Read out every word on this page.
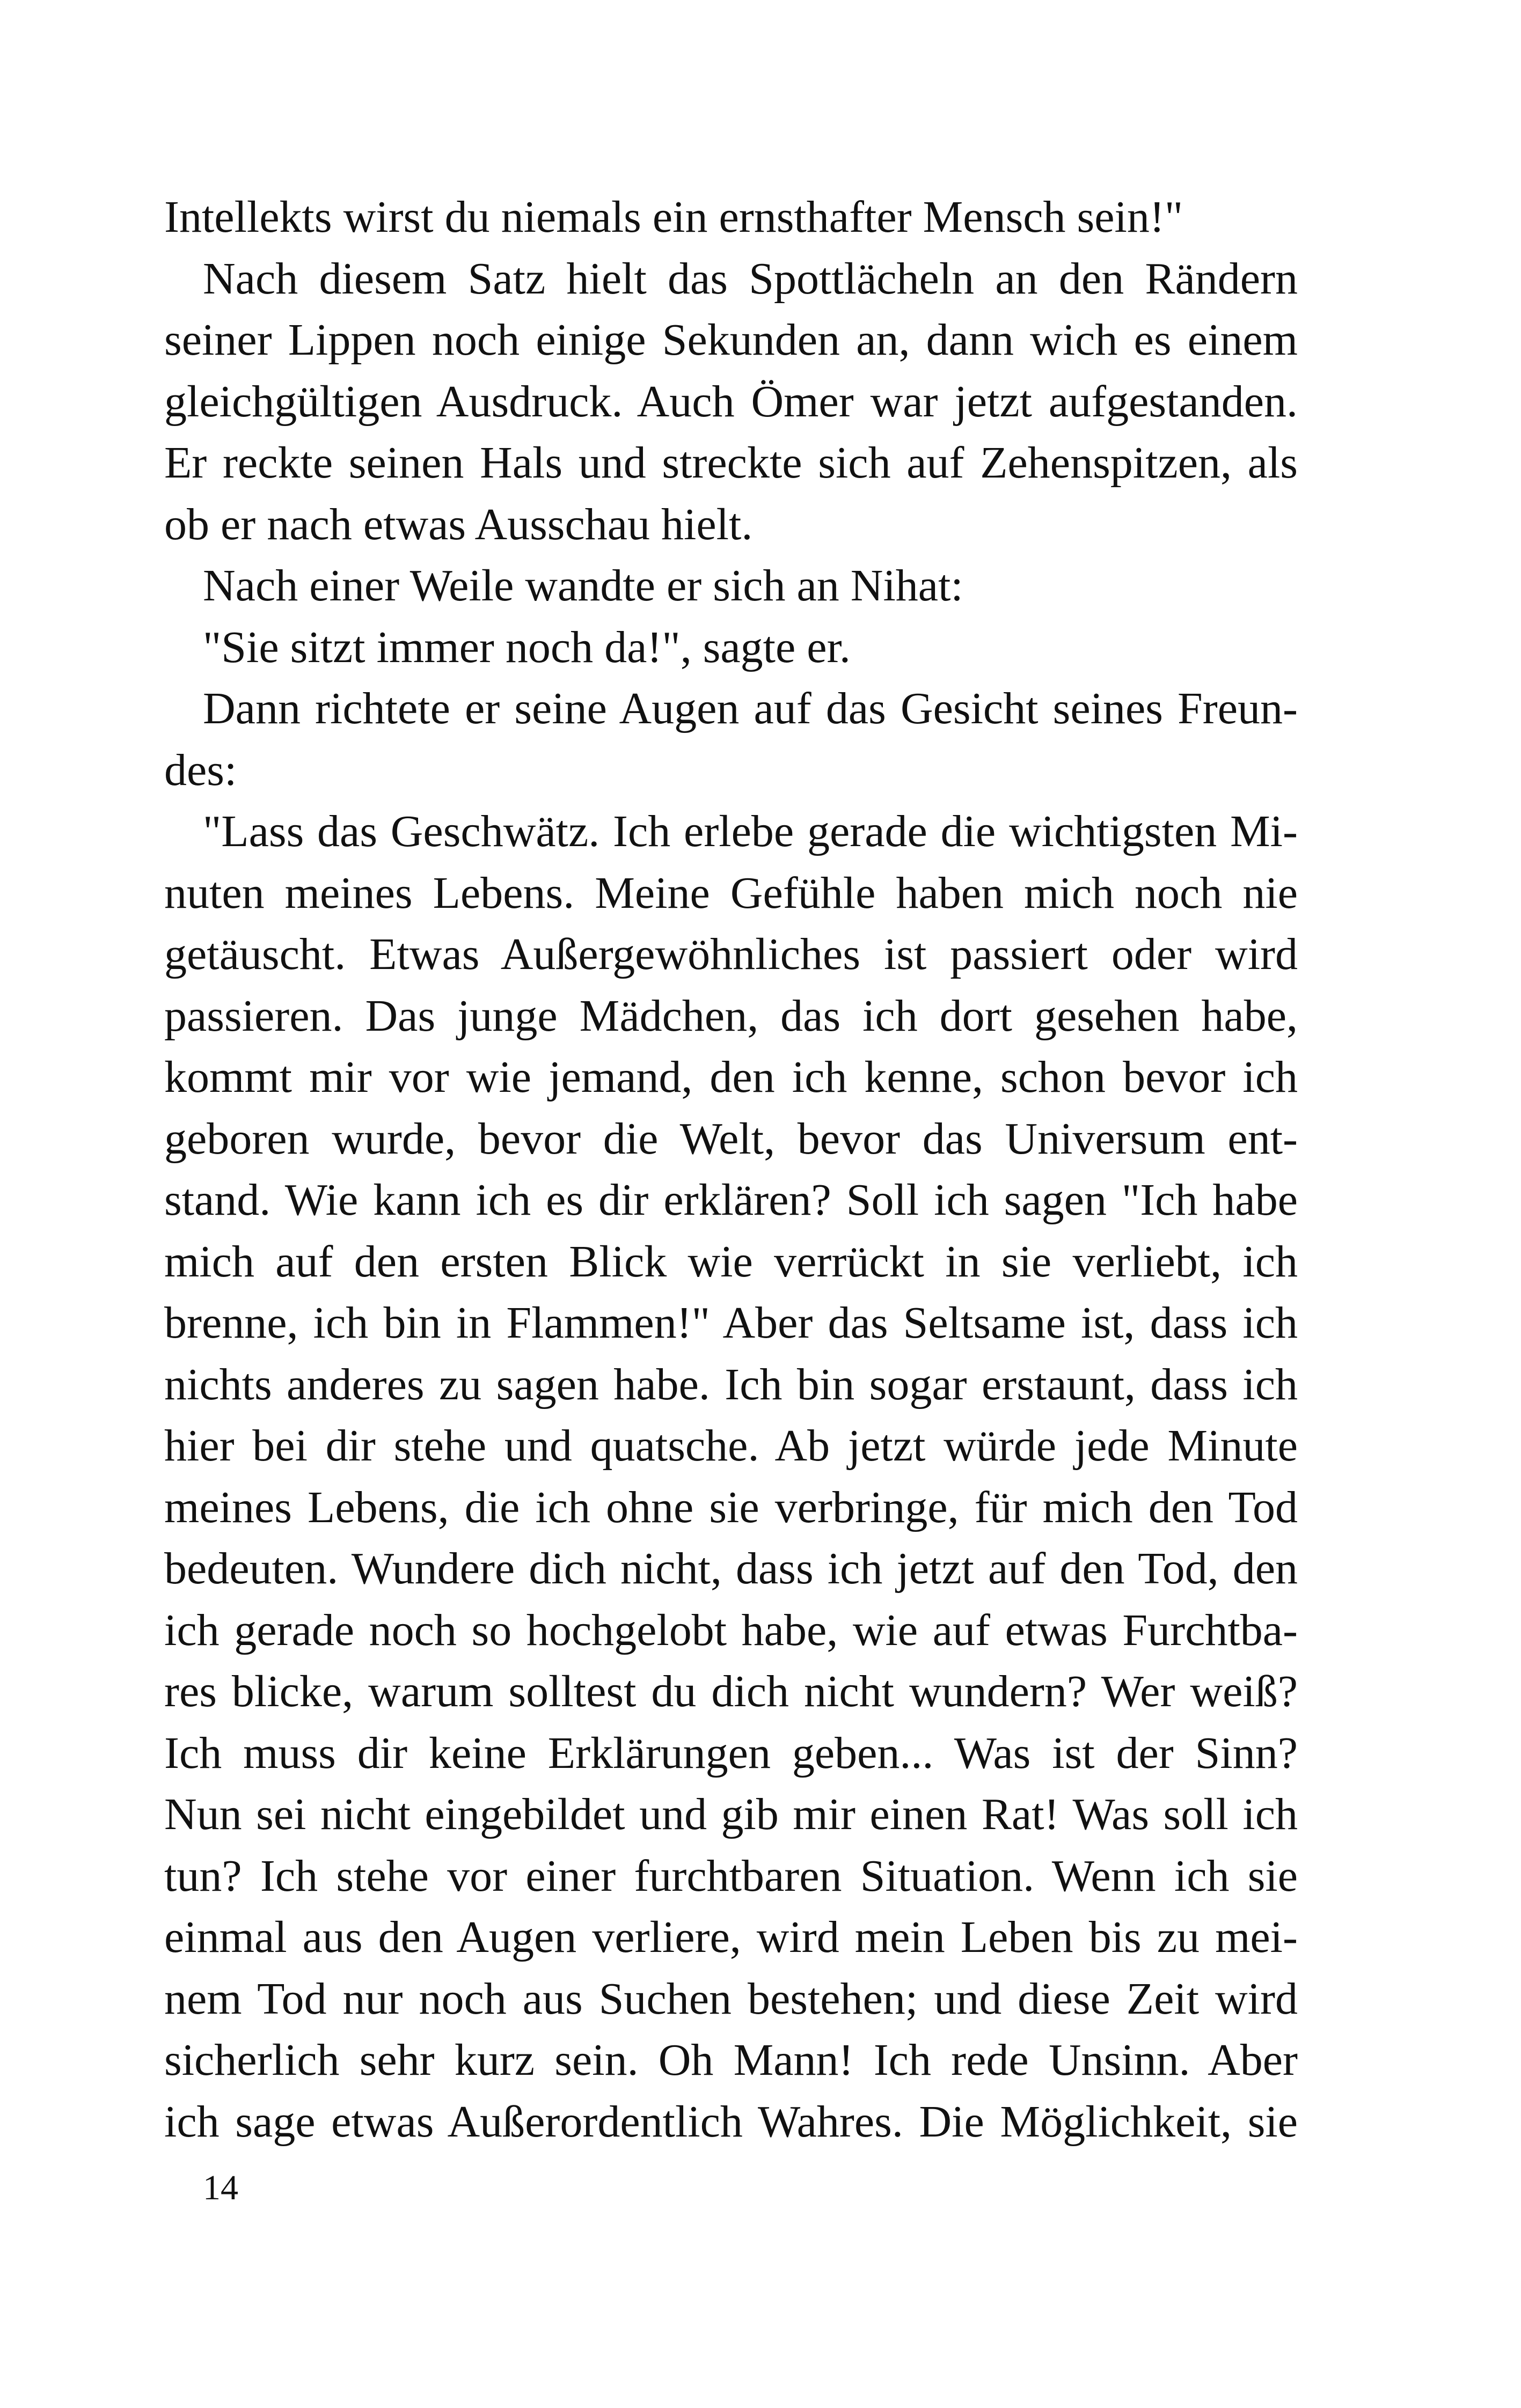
Intellekts wirst du niemals ein ernsthafter Mensch sein!"
Nach diesem Satz hielt das Spottlächeln an den Rändern
seiner Lippen noch einige Sekunden an, dann wich es einem
gleichgültigen Ausdruck. Auch Ömer war jetzt aufgestanden.
Er reckte seinen Hals und streckte sich auf Zehenspitzen, als
ob er nach etwas Ausschau hielt.
Nach einer Weile wandte er sich an Nihat:
"Sie sitzt immer noch da!", sagte er.
Dann richtete er seine Augen auf das Gesicht seines Freun-
des:
"Lass das Geschwätz. Ich erlebe gerade die wichtigsten Mi-
nuten meines Lebens. Meine Gefühle haben mich noch nie
getäuscht. Etwas Außergewöhnliches ist passiert oder wird
passieren. Das junge Mädchen, das ich dort gesehen habe,
kommt mir vor wie jemand, den ich kenne, schon bevor ich
geboren wurde, bevor die Welt, bevor das Universum ent-
stand. Wie kann ich es dir erklären? Soll ich sagen "Ich habe
mich auf den ersten Blick wie verrückt in sie verliebt, ich
brenne, ich bin in Flammen!" Aber das Seltsame ist, dass ich
nichts anderes zu sagen habe. Ich bin sogar erstaunt, dass ich
hier bei dir stehe und quatsche. Ab jetzt würde jede Minute
meines Lebens, die ich ohne sie verbringe, für mich den Tod
bedeuten. Wundere dich nicht, dass ich jetzt auf den Tod, den
ich gerade noch so hochgelobt habe, wie auf etwas Furchtba-
res blicke, warum solltest du dich nicht wundern? Wer weiß?
Ich muss dir keine Erklärungen geben... Was ist der Sinn?
Nun sei nicht eingebildet und gib mir einen Rat! Was soll ich
tun? Ich stehe vor einer furchtbaren Situation. Wenn ich sie
einmal aus den Augen verliere, wird mein Leben bis zu mei-
nem Tod nur noch aus Suchen bestehen; und diese Zeit wird
sicherlich sehr kurz sein. Oh Mann! Ich rede Unsinn. Aber
ich sage etwas Außerordentlich Wahres. Die Möglichkeit, sie
14
